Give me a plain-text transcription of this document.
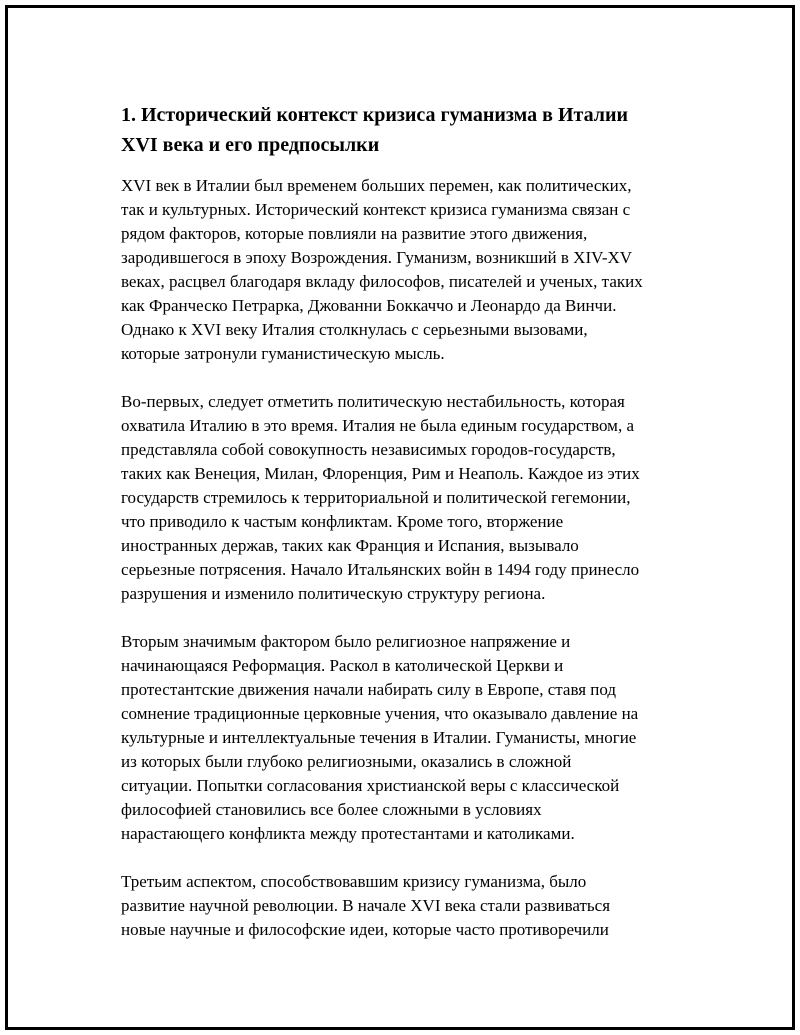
1. Исторический контекст кризиса гуманизма в Италии
XVI века и его предпосылки

XVI век в Италии был временем больших перемен, как политических,
так и культурных. Исторический контекст кризиса гуманизма связан с
рядом факторов, которые повлияли на развитие этого движения,
зародившегося в эпоху Возрождения. Гуманизм, возникший в XIV-XV
веках, расцвел благодаря вкладу философов, писателей и ученых, таких
как Франческо Петрарка, Джованни Боккаччо и Леонардо да Винчи.
Однако к XVI веку Италия столкнулась с серьезными вызовами,
которые затронули гуманистическую мысль.

Во-первых, следует отметить политическую нестабильность, которая
охватила Италию в это время. Италия не была единым государством, а
представляла собой совокупность независимых городов-государств,
таких как Венеция, Милан, Флоренция, Рим и Неаполь. Каждое из этих
государств стремилось к территориальной и политической гегемонии,
что приводило к частым конфликтам. Кроме того, вторжение
иностранных держав, таких как Франция и Испания, вызывало
серьезные потрясения. Начало Итальянских войн в 1494 году принесло
разрушения и изменило политическую структуру региона.

Вторым значимым фактором было религиозное напряжение и
начинающаяся Реформация. Раскол в католической Церкви и
протестантские движения начали набирать силу в Европе, ставя под
сомнение традиционные церковные учения, что оказывало давление на
культурные и интеллектуальные течения в Италии. Гуманисты, многие
из которых были глубоко религиозными, оказались в сложной
ситуации. Попытки согласования христианской веры с классической
философией становились все более сложными в условиях
нарастающего конфликта между протестантами и католиками.

Третьим аспектом, способствовавшим кризису гуманизма, было
развитие научной революции. В начале XVI века стали развиваться
новые научные и философские идеи, которые часто противоречили
